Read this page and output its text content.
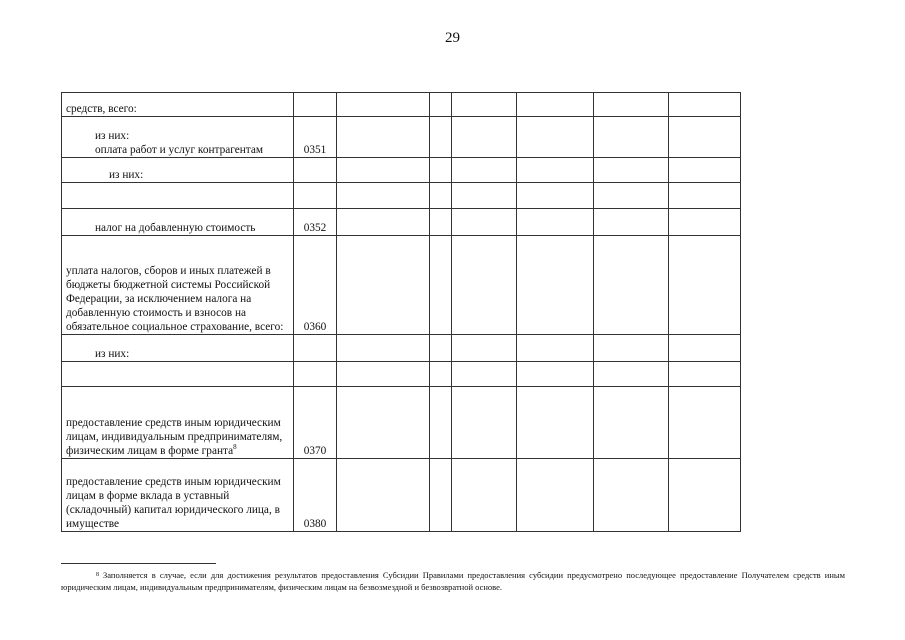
29
средств, всего:							

из них:
оплата работ и услуг контрагентам	0351						

из них:							

налог на добавленную стоимость	0352						

уплата налогов, сборов и иных платежей в бюджеты бюджетной системы Российской Федерации, за исключением налога на добавленную стоимость и взносов на обязательное социальное страхование, всего:	0360						

из них:							

предоставление средств иным юридическим лицам, индивидуальным предпринимателям, физическим лицам в форме гранта$^8$	0370						

предоставление средств иным юридическим лицам в форме вклада в уставный (складочный) капитал юридического лица, в имуществе	0380						
$^8$ Заполняется в случае, если для достижения результатов предоставления Субсидии Правилами предоставления субсидии предусмотрено последующее предоставление Получателем средств иным юридическим лицам, индивидуальным предпринимателям, физическим лицам на безвозмездной и безвозвратной основе.
